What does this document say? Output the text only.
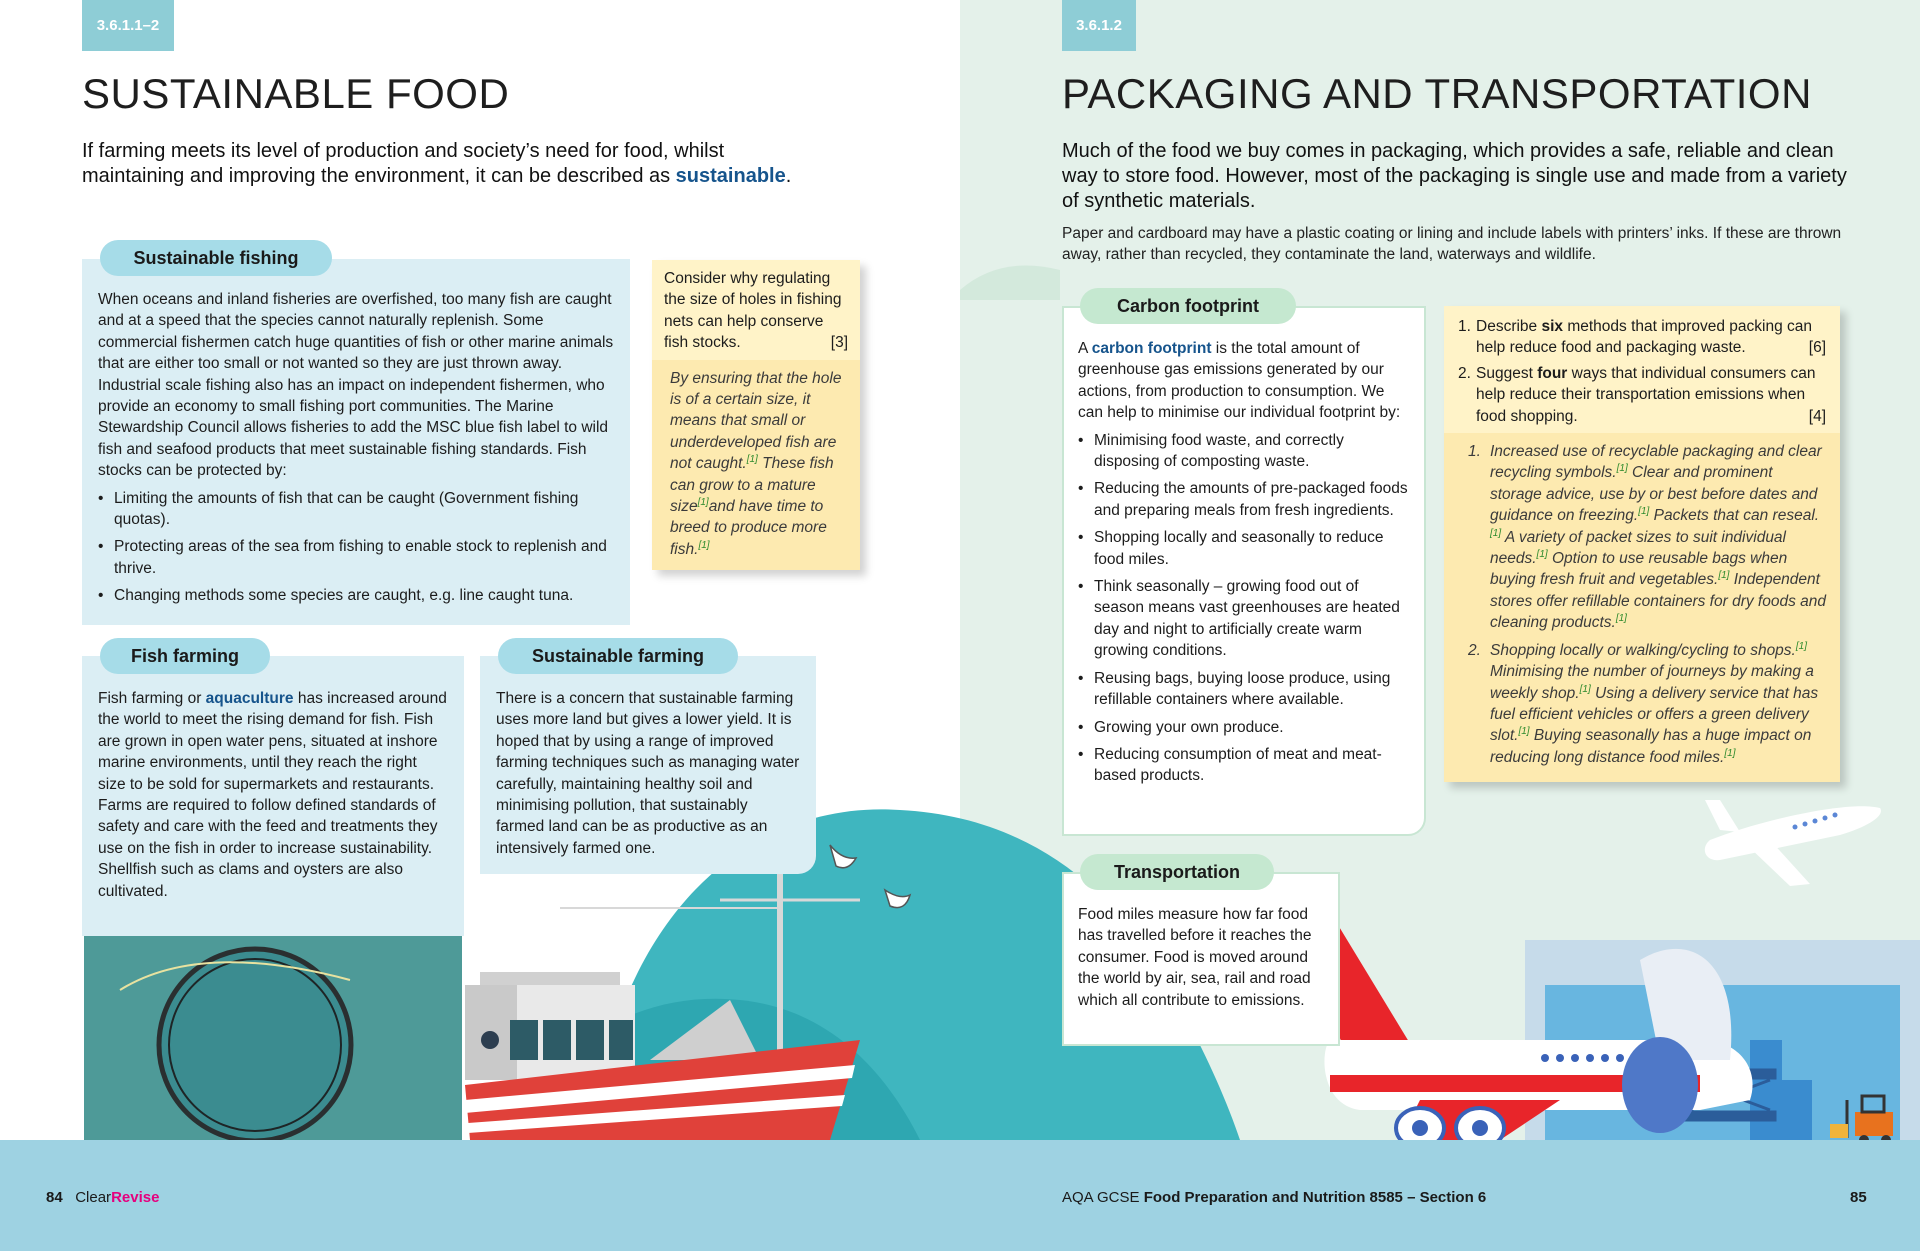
3.6.1.1–2	3.6.1.2
SUSTAINABLE FOOD

If farming meets its level of production and society’s need for food, whilst maintaining and improving the environment, it can be described as sustainable.

When oceans and inland fisheries are overfished, too many fish are caught and at a speed that the species cannot naturally replenish. Some commercial fishermen catch huge quantities of fish or other marine animals that are either too small or not wanted so they are just thrown away. Industrial scale fishing also has an impact on independent fishermen, who provide an economy to small fishing port communities. The Marine Stewardship Council allows fisheries to add the MSC blue fish label to wild fish and seafood products that meet sustainable fishing standards. Fish stocks can be protected by:

• Limiting the amounts of fish that can be caught (Government fishing quotas).
• Protecting areas of the sea from fishing to enable stock to replenish and thrive.
• Changing methods some species are caught, e.g. line caught tuna.
Sustainable fishing
Consider why regulating the size of holes in fishing nets can help conserve fish stocks.	[3]
By ensuring that the hole is of a certain size, it means that small or underdeveloped fish are not caught.[1] These fish can grow to a mature size[1]and have time to breed to produce more fish.[1]

Fish farming or aquaculture has increased around the world to meet the rising demand for fish. Fish are grown in open water pens, situated at inshore marine environments, until they reach the right size to be sold for supermarkets and restaurants. Farms are required to follow defined standards of safety and care with the feed and treatments they use on the fish in order to increase sustainability. Shellfish such as clams and oysters are also cultivated.

Fish farming

There is a concern that sustainable farming uses more land but gives a lower yield. It is hoped that by using a range of improved farming techniques such as managing water carefully, maintaining healthy soil and minimising pollution, that sustainably farmed land can be as productive as an intensively farmed one.

Sustainable farming
PACKAGING AND TRANSPORTATION

Much of the food we buy comes in packaging, which provides a safe, reliable and clean way to store food. However, most of the packaging is single use and made from a variety of synthetic materials.

Paper and cardboard may have a plastic coating or lining and include labels with printers’ inks. If these are thrown away, rather than recycled, they contaminate the land, waterways and wildlife.

A carbon footprint is the total amount of greenhouse gas emissions generated by our actions, from production to consumption. We can help to minimise our individual footprint by:

• Minimising food waste, and correctly disposing of composting waste.
• Reducing the amounts of pre-packaged foods and preparing meals from fresh ingredients.
• Shopping locally and seasonally to reduce food miles.
• Think seasonally – growing food out of season means vast greenhouses are heated day and night to artificially create warm growing conditions.
• Reusing bags, buying loose produce, using refillable containers where available.
• Growing your own produce.
• Reducing consumption of meat and meat-based products.
Carbon footprint
1. Describe six methods that improved packing can help reduce food and packaging waste.	[6]
2. Suggest four ways that individual consumers can help reduce their transportation emissions when food shopping.	[4]
1. Increased use of recyclable packaging and clear recycling symbols.[1] Clear and prominent storage advice, use by or best before dates and guidance on freezing.[1] Packets that can reseal.[1] A variety of packet sizes to suit individual needs.[1] Option to use reusable bags when buying fresh fruit and vegetables.[1] Independent stores offer refillable containers for dry foods and cleaning products.[1]
2. Shopping locally or walking/cycling to shops.[1] Minimising the number of journeys by making a weekly shop.[1] Using a delivery service that has fuel efficient vehicles or offers a green delivery slot.[1] Buying seasonally has a huge impact on reducing long distance food miles.[1]

Food miles measure how far food has travelled before it reaches the consumer. Food is moved around the world by air, sea, rail and road which all contribute to emissions.

Transportation
84 ClearRevise	AQA GCSE Food Preparation and Nutrition 8585 – Section 6	85
